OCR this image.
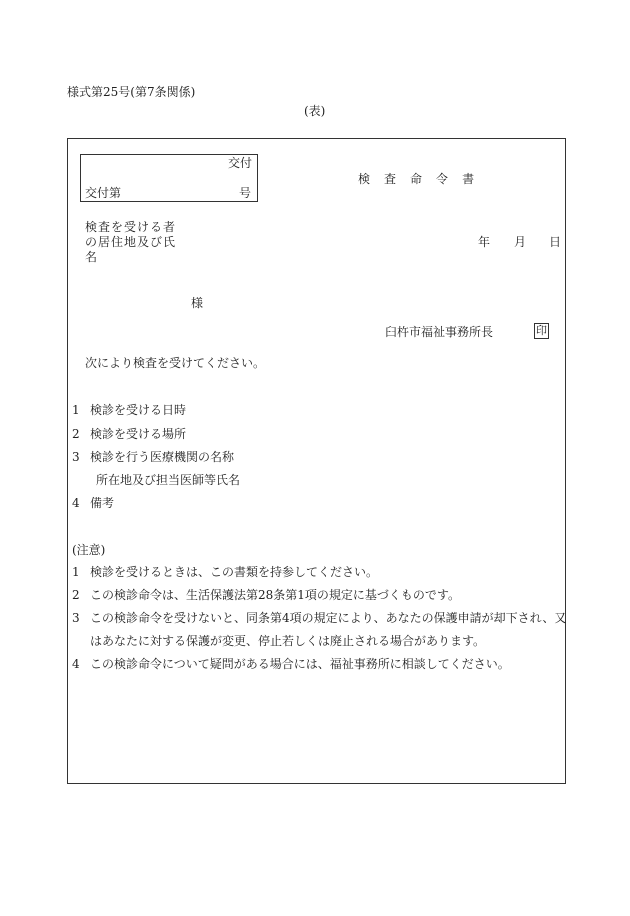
様式第25号(第7条関係)
(表)
交付
交付第	号
検 査 命 令 書
検査を受ける者
の居住地及び氏
名
年 月 日
様
臼杵市福祉事務所長	印
次により検査を受けてください。
1 検診を受ける日時
2 検診を受ける場所
3 検診を行う医療機関の名称
所在地及び担当医師等氏名
4 備考
(注意)
1 検診を受けるときは、この書類を持参してください。
2 この検診命令は、生活保護法第28条第1項の規定に基づくものです。
3 この検診命令を受けないと、同条第4項の規定により、あなたの保護申請が却下され、又
はあなたに対する保護が変更、停止若しくは廃止される場合があります。
4 この検診命令について疑問がある場合には、福祉事務所に相談してください。
